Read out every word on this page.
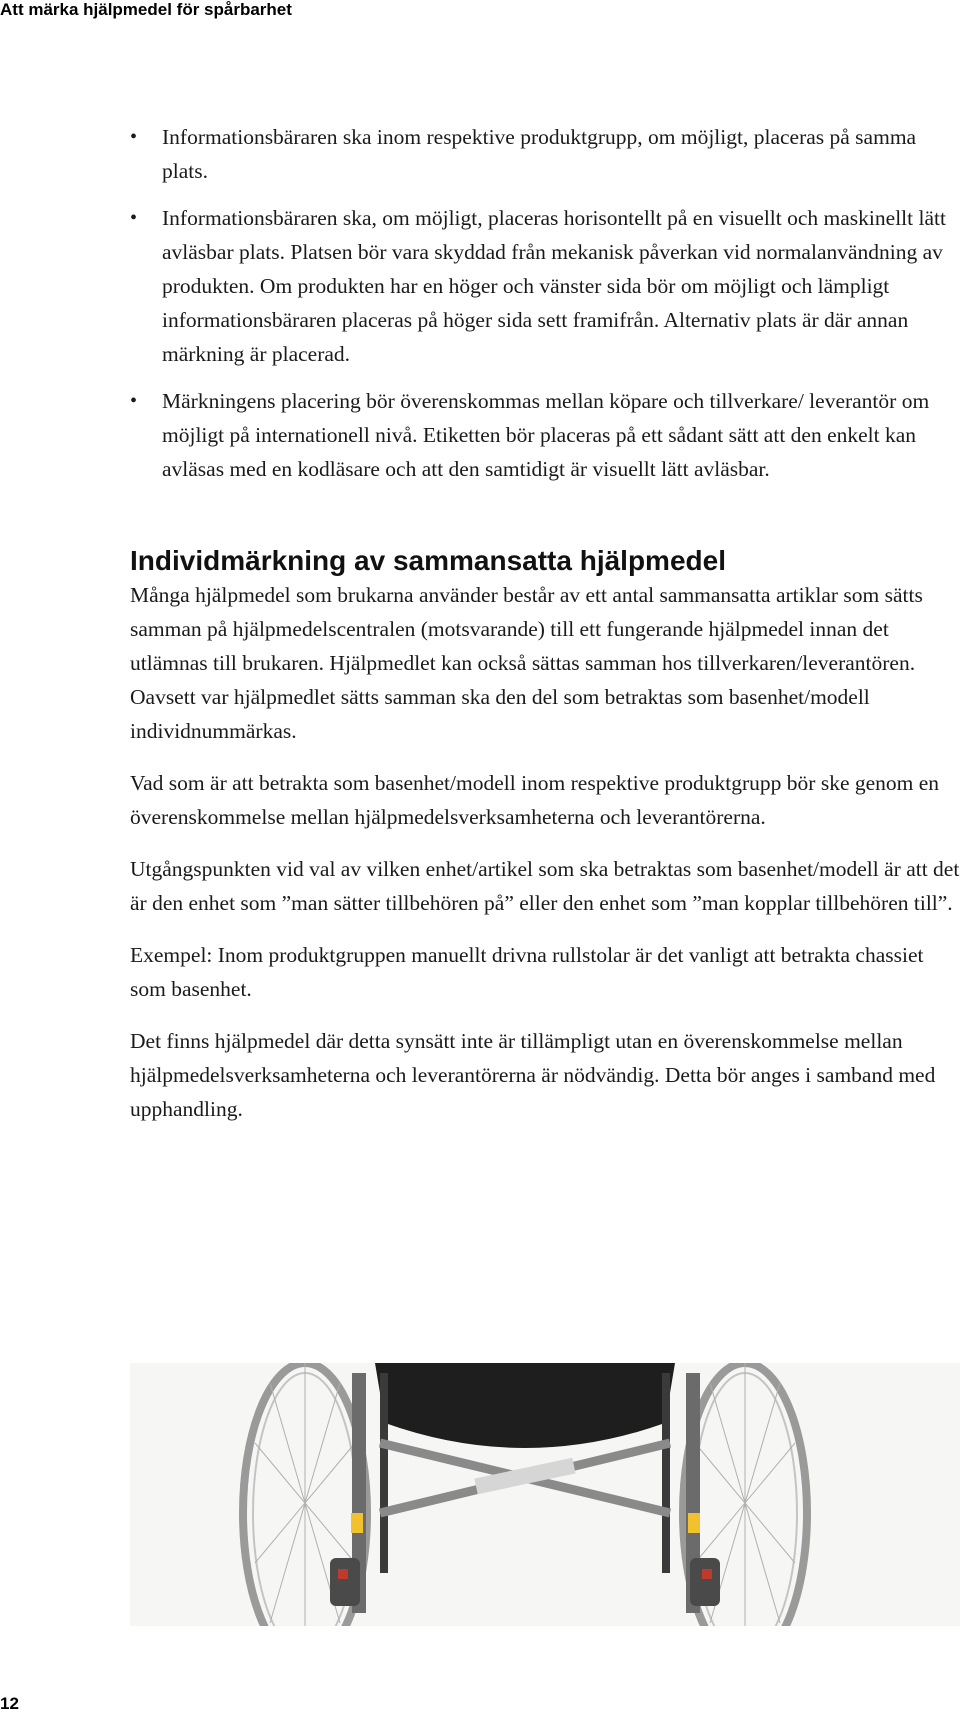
Att märka hjälpmedel för spårbarhet
• Informationsbäraren ska inom respektive produktgrupp, om möjligt, placeras på samma plats.
• Informationsbäraren ska, om möjligt, placeras horisontellt på en visuellt och maskinellt lätt avläsbar plats. Platsen bör vara skyddad från mekanisk påverkan vid normalanvändning av produkten. Om produkten har en höger och vänster sida bör om möjligt och lämpligt informationsbäraren placeras på höger sida sett framifrån. Alternativ plats är där annan märkning är placerad.
• Märkningens placering bör överenskommas mellan köpare och tillverkare/ leverantör om möjligt på internationell nivå. Etiketten bör placeras på ett sådant sätt att den enkelt kan avläsas med en kodläsare och att den samtidigt är visuellt lätt avläsbar.
Individmärkning av sammansatta hjälpmedel

Många hjälpmedel som brukarna använder består av ett antal sammansatta artiklar som sätts samman på hjälpmedelscentralen (motsvarande) till ett fungerande hjälpmedel innan det utlämnas till brukaren. Hjälpmedlet kan också sättas samman hos tillverkaren/leverantören. Oavsett var hjälpmedlet sätts samman ska den del som betraktas som basenhet/modell individnummärkas.

Vad som är att betrakta som basenhet/modell inom respektive produktgrupp bör ske genom en överenskommelse mellan hjälpmedelsverksamheterna och leverantörerna.

Utgångspunkten vid val av vilken enhet/artikel som ska betraktas som basenhet/modell är att det är den enhet som ”man sätter tillbehören på” eller den enhet som ”man kopplar tillbehören till”.

Exempel: Inom produktgruppen manuellt drivna rullstolar är det vanligt att betrakta chassiet som basenhet.

Det finns hjälpmedel där detta synsätt inte är tillämpligt utan en överenskommelse mellan hjälpmedelsverksamheterna och leverantörerna är nödvändig. Detta bör anges i samband med upphandling.

12
